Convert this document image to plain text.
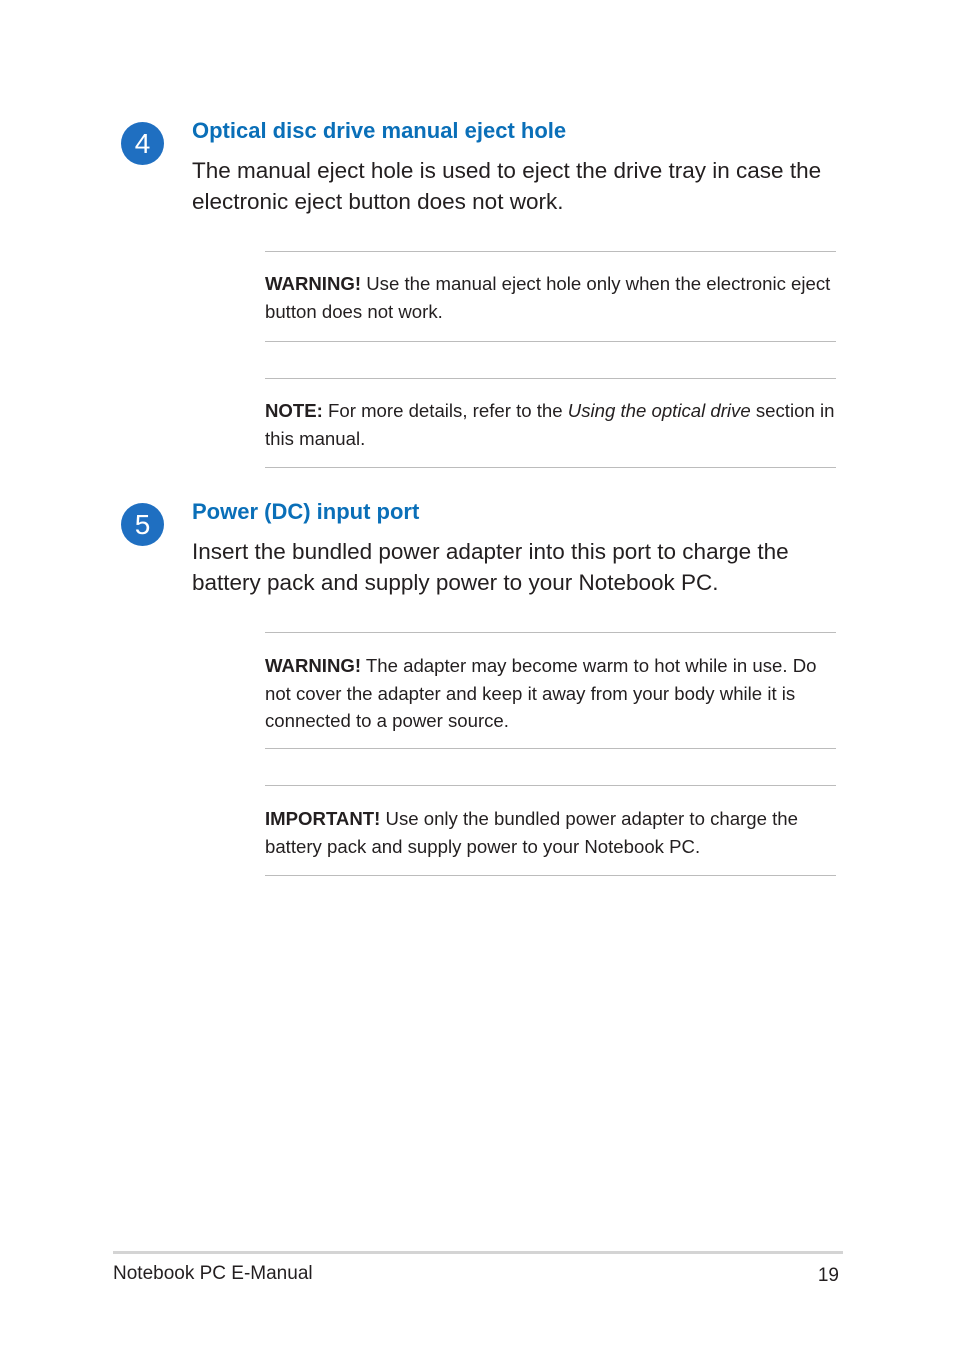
4	Optical disc drive manual eject hole

The manual eject hole is used to eject the drive tray in case the electronic eject button does not work.

WARNING! Use the manual eject hole only when the electronic eject button does not work.

NOTE: For more details, refer to the Using the optical drive section in this manual.

5	Power (DC) input port

Insert the bundled power adapter into this port to charge the battery pack and supply power to your Notebook PC.

WARNING! The adapter may become warm to hot while in use. Do not cover the adapter and keep it away from your body while it is connected to a power source.

IMPORTANT! Use only the bundled power adapter to charge the battery pack and supply power to your Notebook PC.

Notebook PC E-Manual	19
